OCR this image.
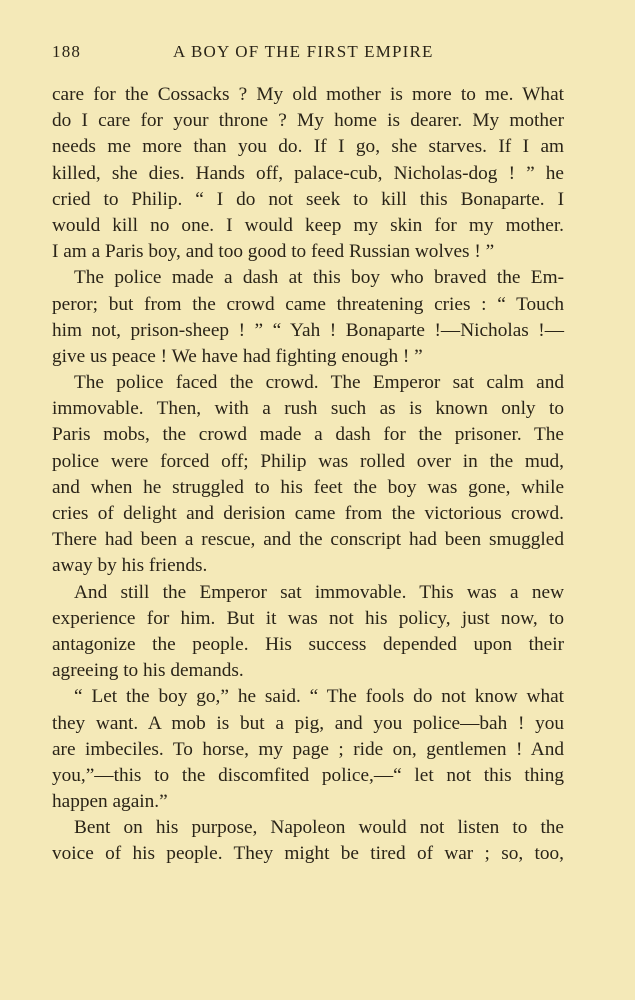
188	A BOY OF THE FIRST EMPIRE
care for the Cossacks ? My old mother is more to me. What
do I care for your throne ? My home is dearer. My mother
needs me more than you do. If I go, she starves. If I am
killed, she dies. Hands off, palace-cub, Nicholas-dog ! ” he
cried to Philip. “ I do not seek to kill this Bonaparte. I
would kill no one. I would keep my skin for my mother.
I am a Paris boy, and too good to feed Russian wolves ! ”
The police made a dash at this boy who braved the Em-
peror; but from the crowd came threatening cries : “ Touch
him not, prison-sheep ! ” “ Yah ! Bonaparte !—Nicholas !—
give us peace ! We have had fighting enough ! ”
The police faced the crowd. The Emperor sat calm and
immovable. Then, with a rush such as is known only to
Paris mobs, the crowd made a dash for the prisoner. The
police were forced off; Philip was rolled over in the mud,
and when he struggled to his feet the boy was gone, while
cries of delight and derision came from the victorious crowd.
There had been a rescue, and the conscript had been smuggled
away by his friends.
And still the Emperor sat immovable. This was a new
experience for him. But it was not his policy, just now, to
antagonize the people. His success depended upon their
agreeing to his demands.
“ Let the boy go,” he said. “ The fools do not know what
they want. A mob is but a pig, and you police—bah ! you
are imbeciles. To horse, my page ; ride on, gentlemen ! And
you,”—this to the discomfited police,—“ let not this thing
happen again.”
Bent on his purpose, Napoleon would not listen to the
voice of his people. They might be tired of war ; so, too,
